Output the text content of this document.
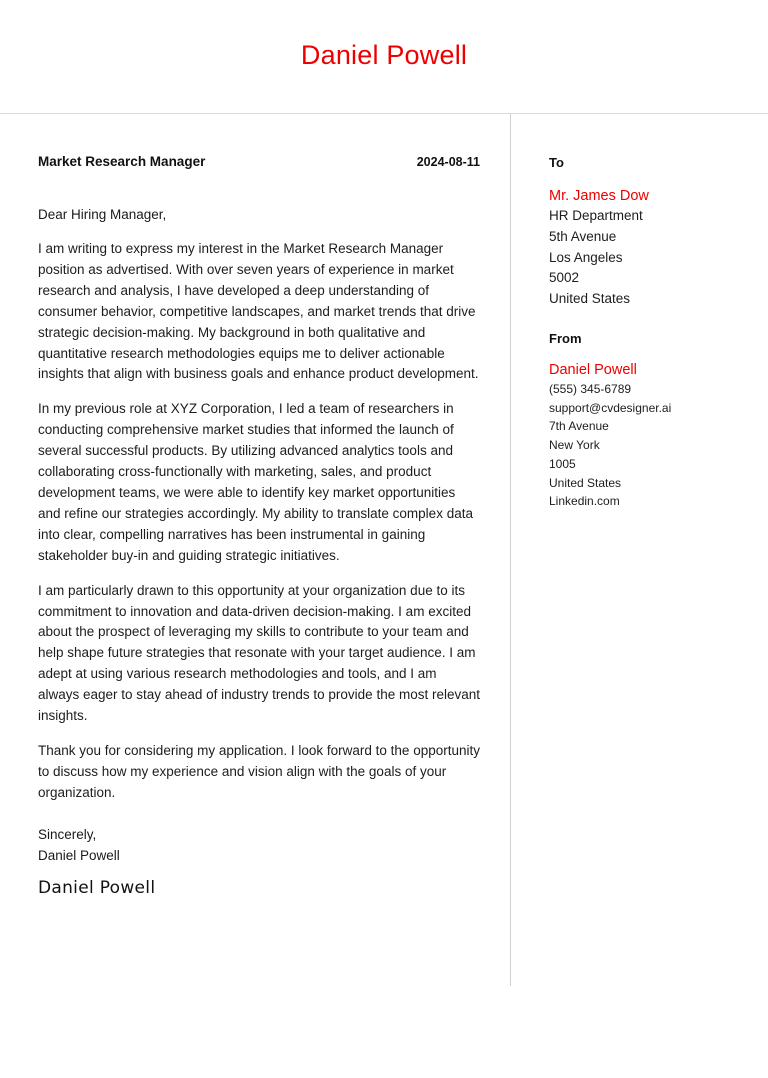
Daniel Powell
Market Research Manager	2024-08-11
Dear Hiring Manager,
I am writing to express my interest in the Market Research Manager position as advertised. With over seven years of experience in market research and analysis, I have developed a deep understanding of consumer behavior, competitive landscapes, and market trends that drive strategic decision-making. My background in both qualitative and quantitative research methodologies equips me to deliver actionable insights that align with business goals and enhance product development.
In my previous role at XYZ Corporation, I led a team of researchers in conducting comprehensive market studies that informed the launch of several successful products. By utilizing advanced analytics tools and collaborating cross-functionally with marketing, sales, and product development teams, we were able to identify key market opportunities and refine our strategies accordingly. My ability to translate complex data into clear, compelling narratives has been instrumental in gaining stakeholder buy-in and guiding strategic initiatives.
I am particularly drawn to this opportunity at your organization due to its commitment to innovation and data-driven decision-making. I am excited about the prospect of leveraging my skills to contribute to your team and help shape future strategies that resonate with your target audience. I am adept at using various research methodologies and tools, and I am always eager to stay ahead of industry trends to provide the most relevant insights.
Thank you for considering my application. I look forward to the opportunity to discuss how my experience and vision align with the goals of your organization.
Sincerely,
Daniel Powell
Daniel Powell
To
Mr. James Dow
HR Department
5th Avenue
Los Angeles
5002
United States
From
Daniel Powell
(555) 345-6789
support@cvdesigner.ai
7th Avenue
New York
1005
United States
Linkedin.com
